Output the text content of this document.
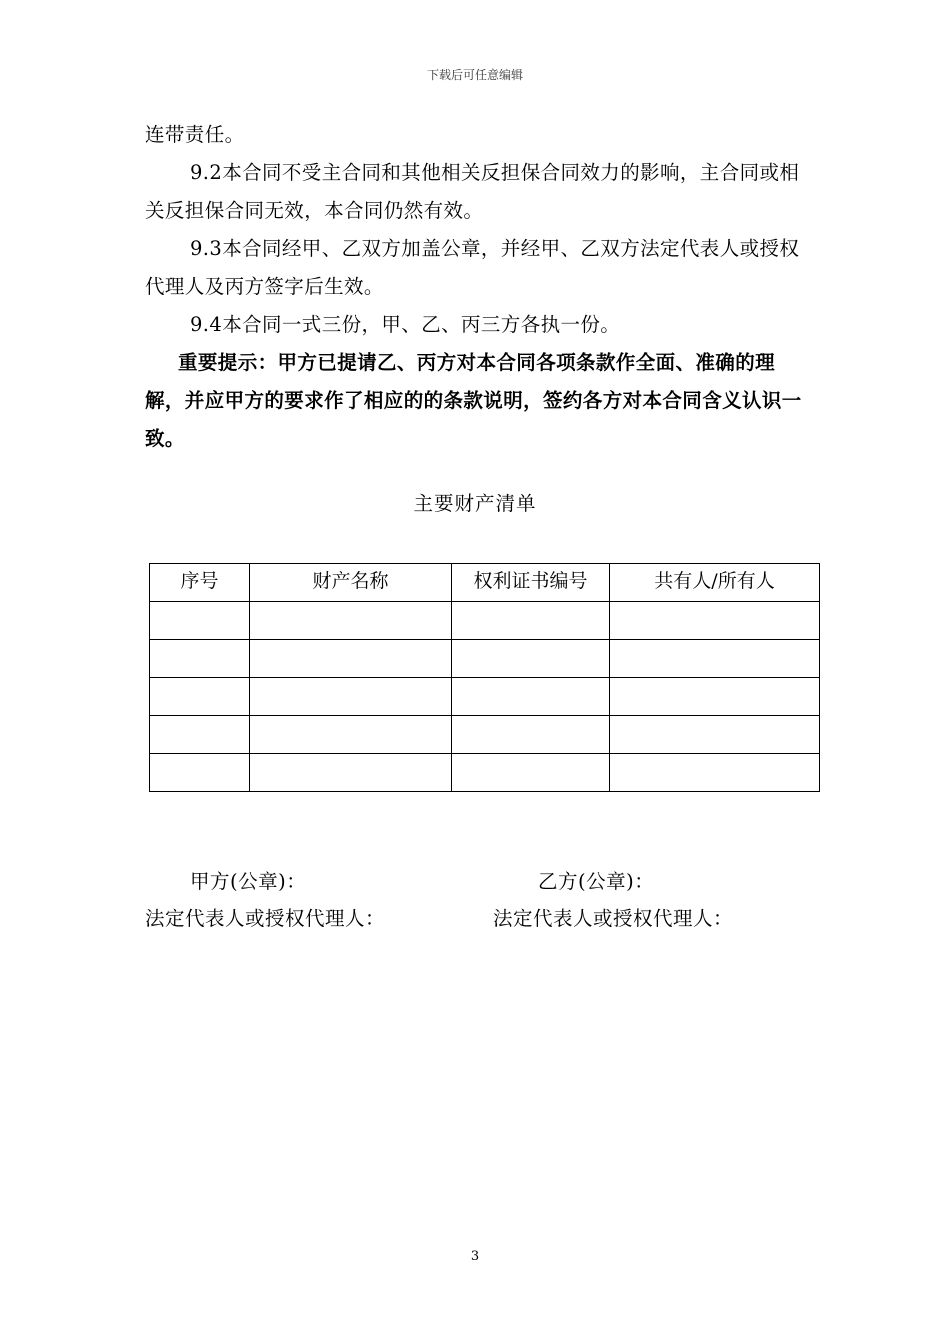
下载后可任意编辑

连带责任。

9.2本合同不受主合同和其他相关反担保合同效力的影响，主合同或相关反担保合同无效，本合同仍然有效。

9.3本合同经甲、乙双方加盖公章，并经甲、乙双方法定代表人或授权代理人及丙方签字后生效。

9.4本合同一式三份，甲、乙、丙三方各执一份。

重要提示：甲方已提请乙、丙方对本合同各项条款作全面、准确的理解，并应甲方的要求作了相应的的条款说明，签约各方对本合同含义认识一致。

主要财产清单
序号	财产名称	权利证书编号	共有人/所有人

甲方(公章)：	乙方(公章)：
法定代表人或授权代理人：	法定代表人或授权代理人：
3
